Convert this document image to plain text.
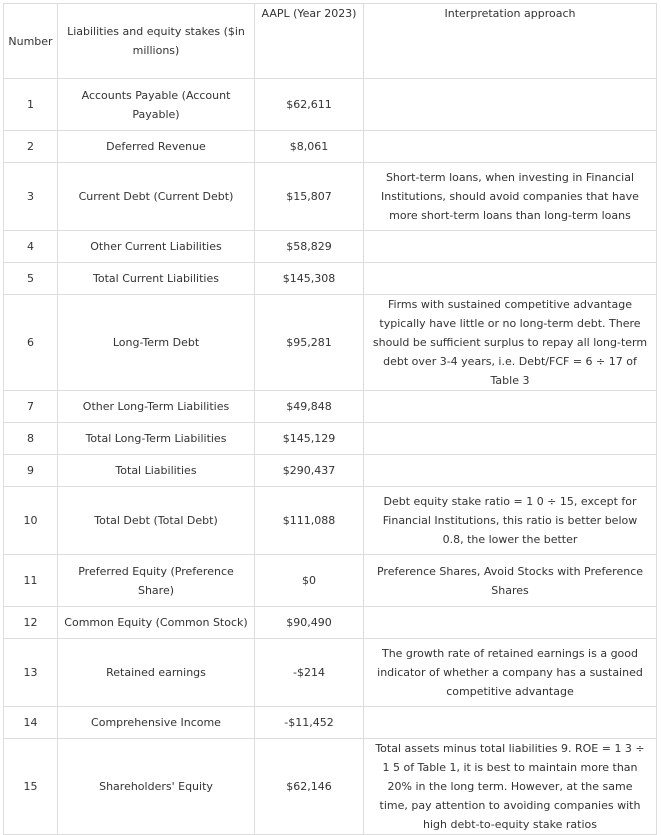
Number	Liabilities and equity stakes ($in millions)	AAPL (Year 2023)	Interpretation approach
1	Accounts Payable (Account Payable)	$62,611	
2	Deferred Revenue	$8,061	
3	Current Debt (Current Debt)	$15,807	Short-term loans, when investing in Financial Institutions, should avoid companies that have more short-term loans than long-term loans
4	Other Current Liabilities	$58,829	
5	Total Current Liabilities	$145,308	
6	Long-Term Debt	$95,281	Firms with sustained competitive advantage typically have little or no long-term debt. There should be sufficient surplus to repay all long-term debt over 3-4 years, i.e. Debt/FCF = 6 ÷ 17 of Table 3
7	Other Long-Term Liabilities	$49,848	
8	Total Long-Term Liabilities	$145,129	
9	Total Liabilities	$290,437	
10	Total Debt (Total Debt)	$111,088	Debt equity stake ratio = 1 0 ÷ 15, except for Financial Institutions, this ratio is better below 0.8, the lower the better
11	Preferred Equity (Preference Share)	$0	Preference Shares, Avoid Stocks with Preference Shares
12	Common Equity (Common Stock)	$90,490	
13	Retained earnings	-$214	The growth rate of retained earnings is a good indicator of whether a company has a sustained competitive advantage
14	Comprehensive Income	-$11,452	
15	Shareholders' Equity	$62,146	Total assets minus total liabilities 9. ROE = 1 3 ÷ 1 5 of Table 1, it is best to maintain more than 20% in the long term. However, at the same time, pay attention to avoiding companies with high debt-to-equity stake ratios
